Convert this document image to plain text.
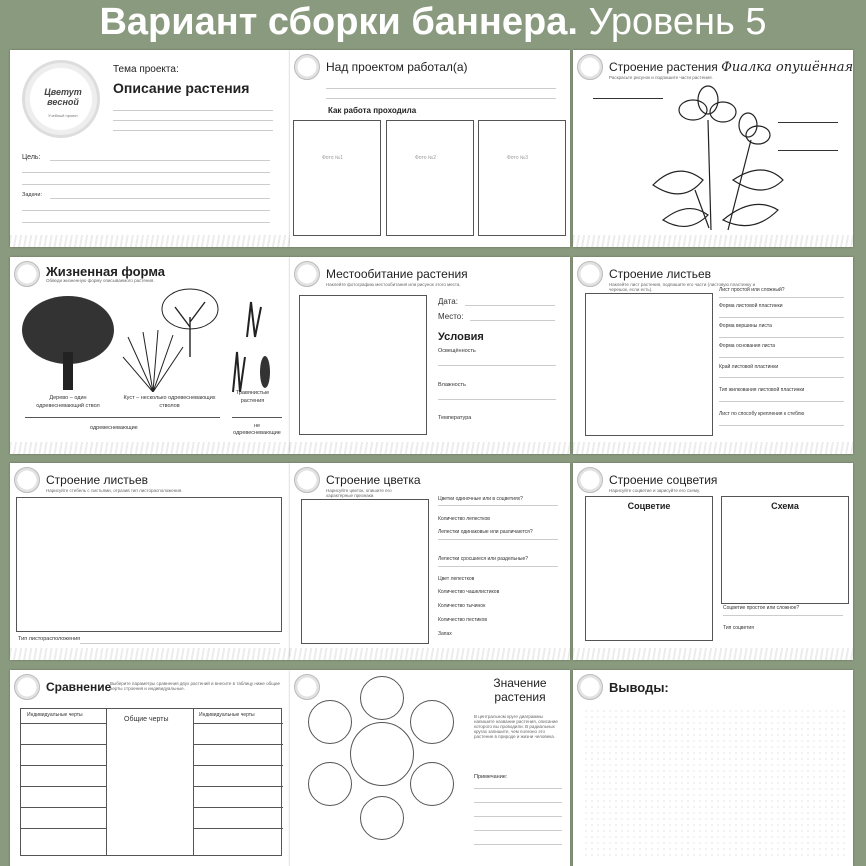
Вариант сборки баннера. Уровень 5
Цветут весной
Учебный проект
Тема проекта:
Описание растения
Цель:
Задачи:
Над проектом работал(а)
Как работа проходила
Фото №1	Фото №2	Фото №3
Строение растения Фиалка опушённая
Раскрасьте рисунок и подпишите части растения.
Жизненная форма
Обведи жизненную форму описываемого растения.
Дерево – один одревесневающий ствол
Куст – несколько одревесневающих стволов
Травянистые растения
одревесневающие	не одревесневающие
Местообитание растения
Наклейте фотографию местообитания или рисунок этого места.
Дата:
Место:
Условия
Освещённость
Влажность
Температура
Строение листьев
Наклейте лист растения, подпишите его части (листовую пластинку и черешок, если есть).	Лист простой или сложный?
Форма листовой пластинки
Форма вершины листа
Форма основания листа
Край листовой пластинки
Тип жилкования листовой пластинки
Лист по способу крепления к стеблю
Строение листьев
Нарисуйте стебель с листьями, отразив тип листорасположения.
Тип листорасположения
Строение цветка
Нарисуйте цветок, опишите его характерные признаки.
Цветки одиночные или в соцветиях?
Количество лепестков
Лепестки одинаковые или различаются?
Лепестки сросшиеся или раздельные?
Цвет лепестков
Количество чашелистиков
Количество тычинок
Количество пестиков
Запах
Строение соцветия
Нарисуйте соцветие и зарисуйте его схему.
Соцветие	Схема
Соцветие простое или сложное?
Тип соцветия
Сравнение
Выберите параметры сравнения двух растений и внесите в таблицу ниже общие черты строения и индивидуальные.
Индивидуальные черты
Общие черты
Индивидуальные черты
Значение растения
В центральном круге диаграммы напишите название растения, описание которого вы проводили. В радиальных кругах запишите, чем полезно это растение в природе и жизни человека.
Примечание:
Выводы:
